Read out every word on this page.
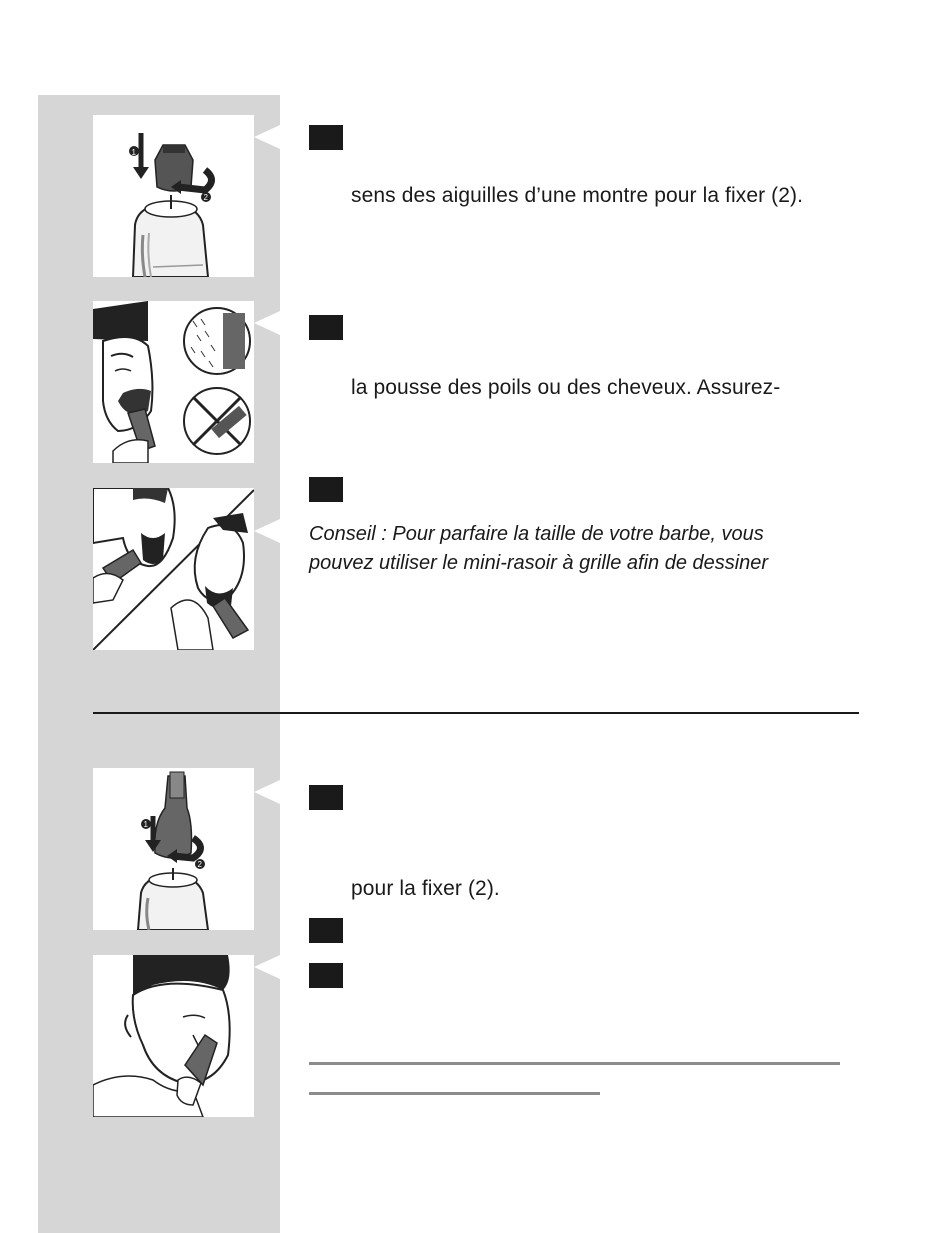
1
2
1
2
sens des aiguilles d’une montre pour la fixer (2).
la pousse des poils ou des cheveux. Assurez-
Conseil : Pour parfaire la taille de votre barbe, vous
pouvez utiliser le mini-rasoir à grille afin de dessiner
pour la fixer (2).
